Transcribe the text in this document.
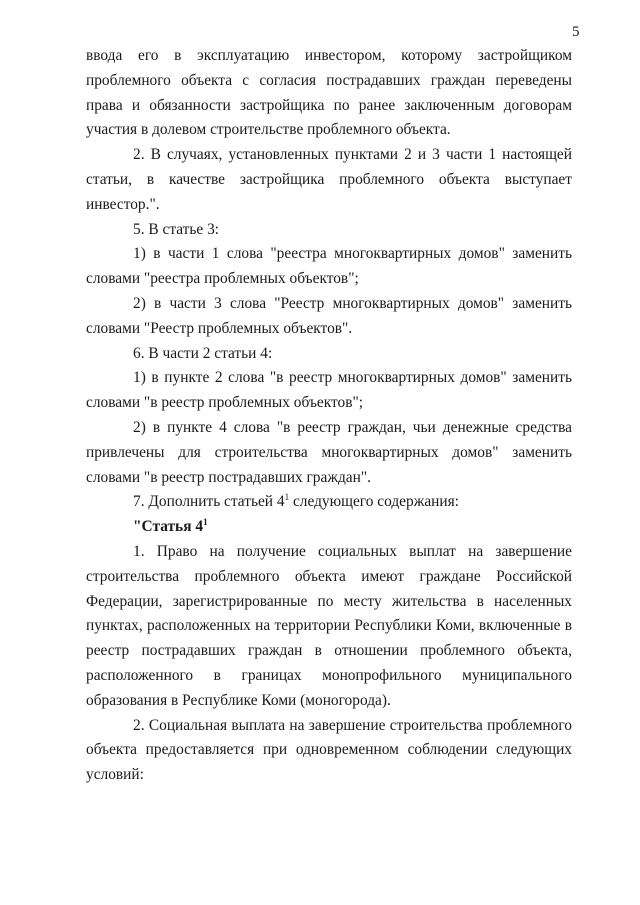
5

ввода его в эксплуатацию инвестором, которому застройщиком проблемного объекта с согласия пострадавших граждан переведены права и обязанности застройщика по ранее заключенным договорам участия в долевом строительстве проблемного объекта.

2. В случаях, установленных пунктами 2 и 3 части 1 настоящей статьи, в качестве застройщика проблемного объекта выступает инвестор.".

5. В статье 3:

1) в части 1 слова "реестра многоквартирных домов" заменить словами "реестра проблемных объектов";

2) в части 3 слова "Реестр многоквартирных домов" заменить словами "Реестр проблемных объектов".

6. В части 2 статьи 4:

1) в пункте 2 слова "в реестр многоквартирных домов" заменить словами "в реестр проблемных объектов";

2) в пункте 4 слова "в реестр граждан, чьи денежные средства привлечены для строительства многоквартирных домов" заменить словами "в реестр пострадавших граждан".

7. Дополнить статьей $4^1$ следующего содержания:

"Статья $4^1$

1. Право на получение социальных выплат на завершение строительства проблемного объекта имеют граждане Российской Федерации, зарегистрированные по месту жительства в населенных пунктах, расположенных на территории Республики Коми, включенные в реестр пострадавших граждан в отношении проблемного объекта, расположенного в границах монопрофильного муниципального образования в Республике Коми (моногорода).

2. Социальная выплата на завершение строительства проблемного объекта предоставляется при одновременном соблюдении следующих условий:
